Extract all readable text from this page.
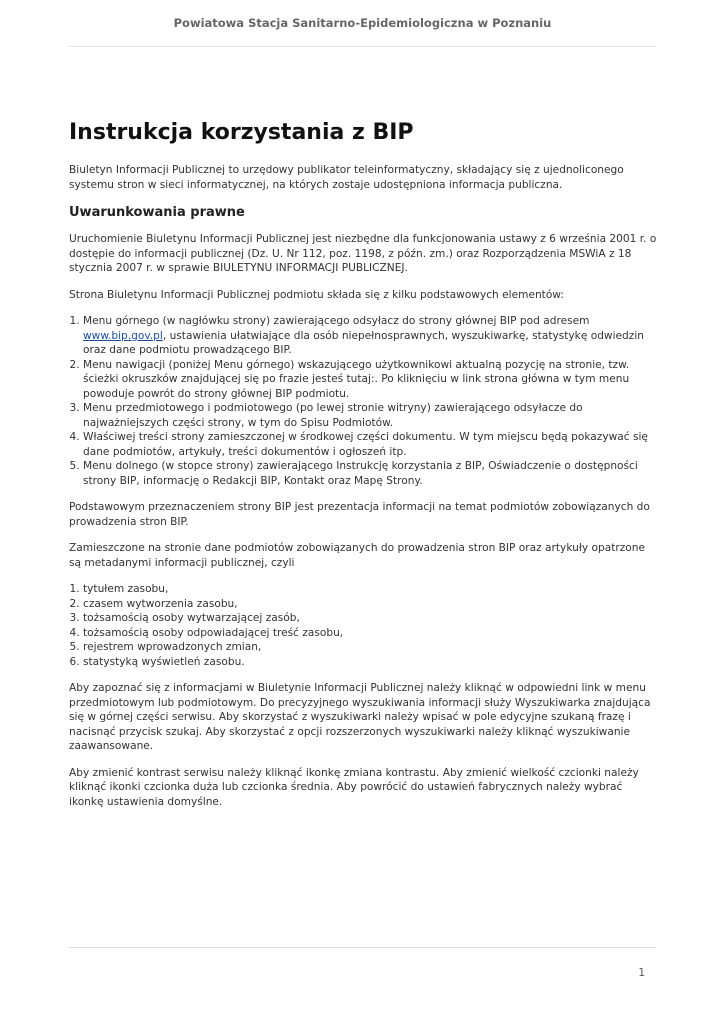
Powiatowa Stacja Sanitarno-Epidemiologiczna w Poznaniu
Instrukcja korzystania z BIP

Biuletyn Informacji Publicznej to urzędowy publikator teleinformatyczny, składający się z ujednoliconego systemu stron w sieci informatycznej, na których zostaje udostępniona informacja publiczna.

Uwarunkowania prawne

Uruchomienie Biuletynu Informacji Publicznej jest niezbędne dla funkcjonowania ustawy z 6 września 2001 r. o dostępie do informacji publicznej (Dz. U. Nr 112, poz. 1198, z późn. zm.) oraz Rozporządzenia MSWiA z 18 stycznia 2007 r. w sprawie BIULETYNU INFORMACJI PUBLICZNEJ.

Strona Biuletynu Informacji Publicznej podmiotu składa się z kilku podstawowych elementów:

1. Menu górnego (w nagłówku strony) zawierającego odsyłacz do strony głównej BIP pod adresem www.bip.gov.pl, ustawienia ułatwiające dla osób niepełnosprawnych, wyszukiwarkę, statystykę odwiedzin oraz dane podmiotu prowadzącego BIP.
2. Menu nawigacji (poniżej Menu górnego) wskazującego użytkownikowi aktualną pozycję na stronie, tzw. ścieżki okruszków znajdującej się po frazie jesteś tutaj:. Po kliknięciu w link strona główna w tym menu powoduje powrót do strony głównej BIP podmiotu.
3. Menu przedmiotowego i podmiotowego (po lewej stronie witryny) zawierającego odsyłacze do najważniejszych części strony, w tym do Spisu Podmiotów.
4. Właściwej treści strony zamieszczonej w środkowej części dokumentu. W tym miejscu będą pokazywać się dane podmiotów, artykuły, treści dokumentów i ogłoszeń itp.
5. Menu dolnego (w stopce strony) zawierającego Instrukcję korzystania z BIP, Oświadczenie o dostępności strony BIP, informację o Redakcji BIP, Kontakt oraz Mapę Strony.

Podstawowym przeznaczeniem strony BIP jest prezentacja informacji na temat podmiotów zobowiązanych do prowadzenia stron BIP.

Zamieszczone na stronie dane podmiotów zobowiązanych do prowadzenia stron BIP oraz artykuły opatrzone są metadanymi informacji publicznej, czyli

1. tytułem zasobu,
2. czasem wytworzenia zasobu,
3. tożsamością osoby wytwarzającej zasób,
4. tożsamością osoby odpowiadającej treść zasobu,
5. rejestrem wprowadzonych zmian,
6. statystyką wyświetleń zasobu.

Aby zapoznać się z informacjami w Biuletynie Informacji Publicznej należy kliknąć w odpowiedni link w menu przedmiotowym lub podmiotowym. Do precyzyjnego wyszukiwania informacji służy Wyszukiwarka znajdująca się w górnej części serwisu. Aby skorzystać z wyszukiwarki należy wpisać w pole edycyjne szukaną frazę i nacisnąć przycisk szukaj. Aby skorzystać z opcji rozszerzonych wyszukiwarki należy kliknąć wyszukiwanie zaawansowane.

Aby zmienić kontrast serwisu należy kliknąć ikonkę zmiana kontrastu. Aby zmienić wielkość czcionki należy kliknąć ikonki czcionka duża lub czcionka średnia. Aby powrócić do ustawień fabrycznych należy wybrać ikonkę ustawienia domyślne.

1
